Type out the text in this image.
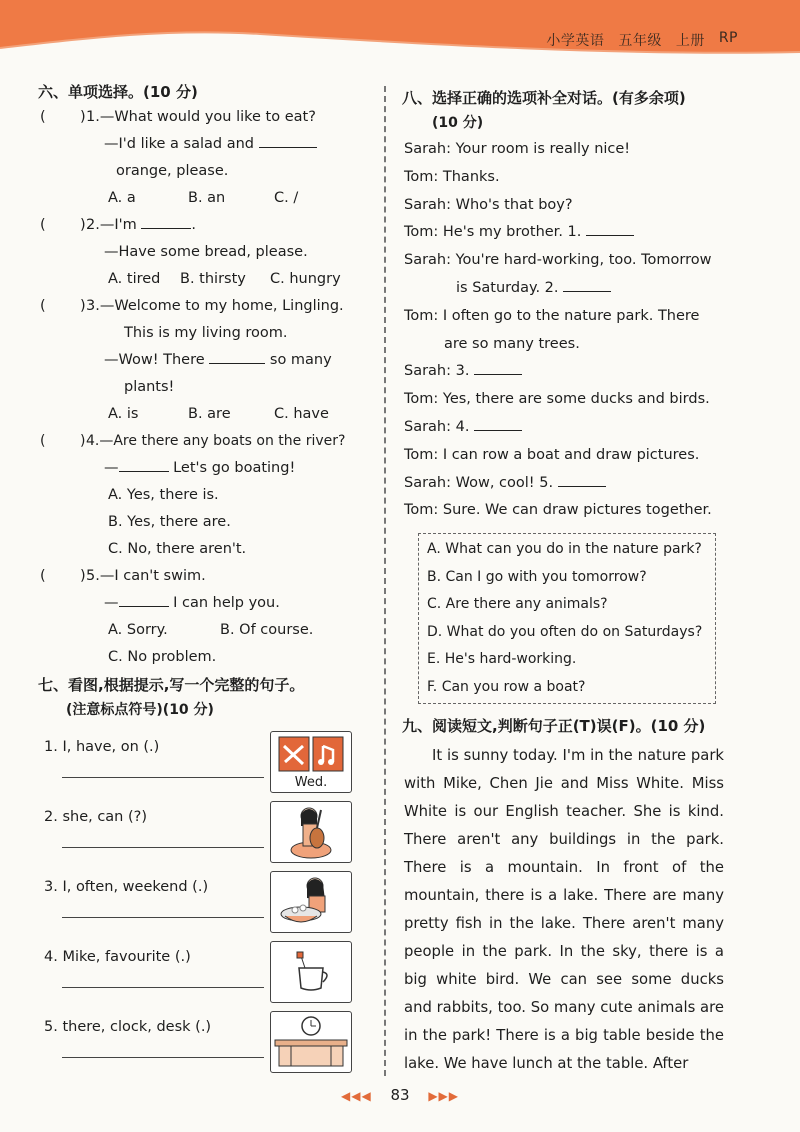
小学英语 五年级 上册 RP

六、单项选择。(10 分)

( ) 1.—What would you like to eat?
—I'd like a salad and
orange, please.
A. a	B. an	C. /
( ) 2.—I'm	.
—Have some bread, please.
A. tired	B. thirsty	C. hungry
( ) 3.—Welcome to my home, Lingling.
This is my living room.
—Wow! There	so many
plants!
A. is	B. are	C. have
( ) 4.—Are there any boats on the river?
—	Let's go boating!
A. Yes, there is.
B. Yes, there are.
C. No, there aren't.
( ) 5.—I can't swim.
—	I can help you.
A. Sorry.	B. Of course.
C. No problem.

七、看图,根据提示,写一个完整的句子。

(注意标点符号)(10 分)
1. I, have, on (.)
Wed.
2. she, can (?)
3. I, often, weekend (.)
4. Mike, favourite (.)
5. there, clock, desk (.)

八、选择正确的选项补全对话。(有多余项)

(10 分)
Sarah: Your room is really nice!
Tom: Thanks.
Sarah: Who's that boy?
Tom: He's my brother. 1.
Sarah: You're hard-working, too. Tomorrow
is Saturday. 2.
Tom: I often go to the nature park. There
are so many trees.
Sarah: 3.
Tom: Yes, there are some ducks and birds.
Sarah: 4.
Tom: I can row a boat and draw pictures.
Sarah: Wow, cool! 5.
Tom: Sure. We can draw pictures together.
A. What can you do in the nature park?
B. Can I go with you tomorrow?
C. Are there any animals?
D. What do you often do on Saturdays?
E. He's hard-working.
F. Can you row a boat?

九、阅读短文,判断句子正(T)误(F)。(10 分)

It is sunny today. I'm in the nature park with Mike, Chen Jie and Miss White. Miss White is our English teacher. She is kind. There aren't any buildings in the park. There is a mountain. In front of the mountain, there is a lake. There are many pretty fish in the lake. There aren't many people in the park. In the sky, there is a big white bird. We can see some ducks and rabbits, too. So many cute animals are in the park! There is a big table beside the lake. We have lunch at the table. After

◀◀◀ 83 ▶▶▶
